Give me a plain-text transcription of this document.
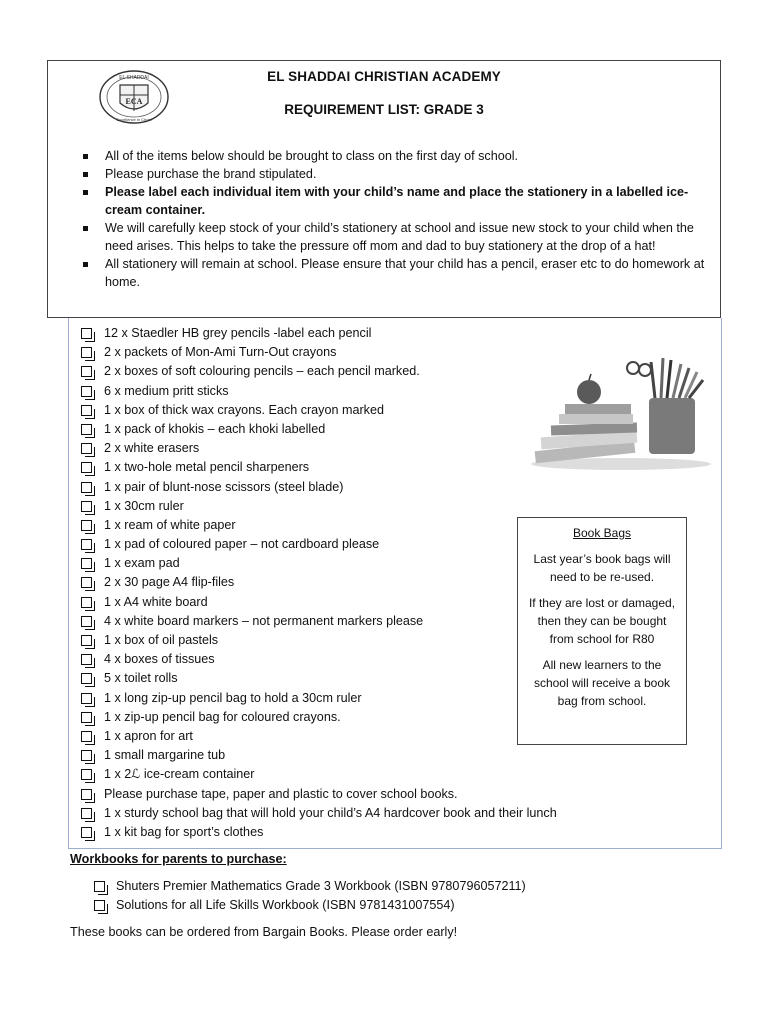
EL SHADDAI
ECA
Excellence in Christ
EL SHADDAI CHRISTIAN ACADEMY
REQUIREMENT LIST: GRADE 3
All of the items below should be brought to class on the first day of school.
Please purchase the brand stipulated.
Please label each individual item with your child’s name and place the stationery in a labelled ice-cream container.
We will carefully keep stock of your child’s stationery at school and issue new stock to your child when the need arises. This helps to take the pressure off mom and dad to buy stationery at the drop of a hat!
All stationery will remain at school. Please ensure that your child has a pencil, eraser etc to do homework at home.
12 x Staedler HB grey pencils -label each pencil
2 x packets of Mon-Ami Turn-Out crayons
2 x boxes of soft colouring pencils – each pencil marked.
6 x medium pritt sticks
1 x box of thick wax crayons. Each crayon marked
1 x pack of khokis – each khoki labelled
2 x white erasers
1 x two-hole metal pencil sharpeners
1 x pair of blunt-nose scissors (steel blade)
1 x 30cm ruler
1 x ream of white paper
1 x pad of coloured paper – not cardboard please
1 x exam pad
2 x 30 page A4 flip-files
1 x A4 white board
4 x white board markers – not permanent markers please
1 x box of oil pastels
4 x boxes of tissues
5 x toilet rolls
1 x long zip-up pencil bag to hold a 30cm ruler
1 x zip-up pencil bag for coloured crayons.
1 x apron for art
1 small margarine tub
1 x 2ℒ ice-cream container
Please purchase tape, paper and plastic to cover school books.
1 x sturdy school bag that will hold your child’s A4 hardcover book and their lunch
1 x kit bag for sport’s clothes
Book Bags
Last year’s book bags will need to be re-used.
If they are lost or damaged, then they can be bought from school for R80
All new learners to the school will receive a book bag from school.
Workbooks for parents to purchase:
Shuters Premier Mathematics Grade 3 Workbook (ISBN 9780796057211)
Solutions for all Life Skills Workbook (ISBN 9781431007554)
These books can be ordered from Bargain Books. Please order early!
